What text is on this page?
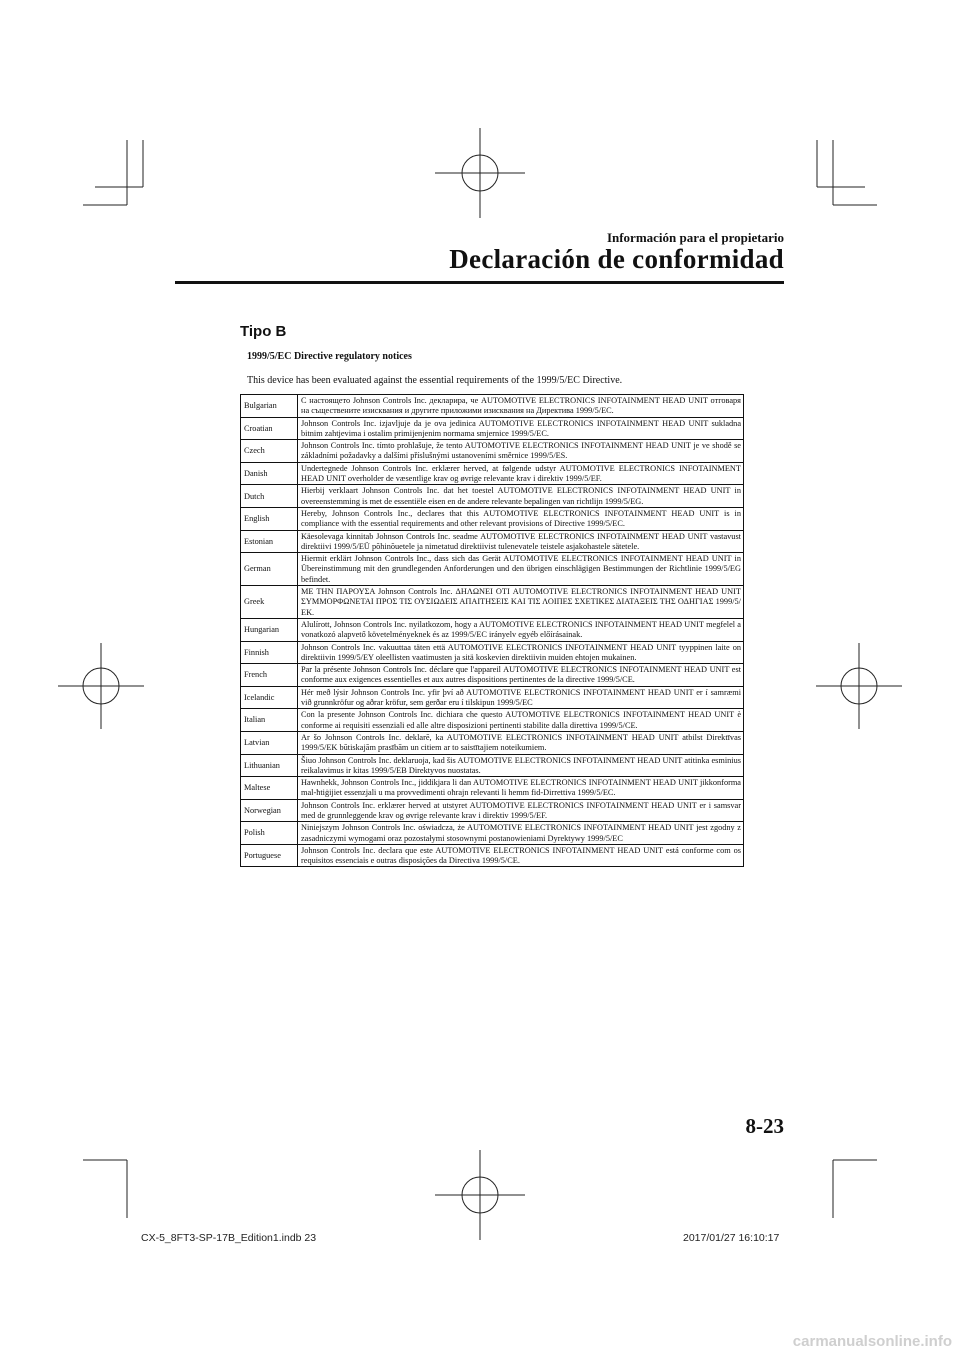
Información para el propietario
Declaración de conformidad
Tipo B
1999/5/EC Directive regulatory notices
This device has been evaluated against the essential requirements of the 1999/5/EC Directive.
Bulgarian	С настоящето Johnson Controls Inc. декларира, че AUTOMOTIVE ELECTRONICS INFOTAINMENT HEAD UNIT отговаря на съществените изисквания и другите приложими изисквания на Директива 1999/5/EC.
Croatian	Johnson Controls Inc. izjavljuje da je ova jedinica AUTOMOTIVE ELECTRONICS INFOTAINMENT HEAD UNIT sukladna bitnim zahtjevima i ostalim primijenjenim normama smjernice 1999/5/EC.
Czech	Johnson Controls Inc. tímto prohlašuje, že tento AUTOMOTIVE ELECTRONICS INFOTAINMENT HEAD UNIT je ve shodě se základními požadavky a dalšími příslušnými ustanoveními směrnice 1999/5/ES.
Danish	Undertegnede Johnson Controls Inc. erklærer herved, at følgende udstyr AUTOMOTIVE ELECTRONICS INFOTAINMENT HEAD UNIT overholder de væsentlige krav og øvrige relevante krav i direktiv 1999/5/EF.
Dutch	Hierbij verklaart Johnson Controls Inc. dat het toestel AUTOMOTIVE ELECTRONICS INFOTAINMENT HEAD UNIT in overeenstemming is met de essentiële eisen en de andere relevante bepalingen van richtlijn 1999/5/EG.
English	Hereby, Johnson Controls Inc., declares that this AUTOMOTIVE ELECTRONICS INFOTAINMENT HEAD UNIT is in compliance with the essential requirements and other relevant provisions of Directive 1999/5/EC.
Estonian	Käesolevaga kinnitab Johnson Controls Inc. seadme AUTOMOTIVE ELECTRONICS INFOTAINMENT HEAD UNIT vastavust direktiivi 1999/5/EÜ põhinõuetele ja nimetatud direktiivist tulenevatele teistele asjakohastele sätetele.
German	Hiermit erklärt Johnson Controls Inc., dass sich das Gerät AUTOMOTIVE ELECTRONICS INFOTAINMENT HEAD UNIT in Übereinstimmung mit den grundlegenden Anforderungen und den übrigen einschlägigen Bestimmungen der Richtlinie 1999/5/EG befindet.
Greek	ΜΕ ΤΗΝ ΠΑΡΟΥΣΑ Johnson Controls Inc. ΔΗΛΩΝΕΙ ΟΤΙ AUTOMOTIVE ELECTRONICS INFOTAINMENT HEAD UNIT ΣΥΜΜΟΡΦΩΝΕΤΑΙ ΠΡΟΣ ΤΙΣ ΟΥΣΙΩΔΕΙΣ ΑΠΑΙΤΗΣΕΙΣ ΚΑΙ ΤΙΣ ΛΟΙΠΕΣ ΣΧΕΤΙΚΕΣ ΔΙΑΤΑΞΕΙΣ ΤΗΣ ΟΔΗΓΙΑΣ 1999/5/ΕΚ.
Hungarian	Alulírott, Johnson Controls Inc. nyilatkozom, hogy a AUTOMOTIVE ELECTRONICS INFOTAINMENT HEAD UNIT megfelel a vonatkozó alapvető követelményeknek és az 1999/5/EC irányelv egyéb előírásainak.
Finnish	Johnson Controls Inc. vakuuttaa täten että AUTOMOTIVE ELECTRONICS INFOTAINMENT HEAD UNIT tyyppinen laite on direktiivin 1999/5/EY oleellisten vaatimusten ja sitä koskevien direktiivin muiden ehtojen mukainen.
French	Par la présente Johnson Controls Inc. déclare que l'appareil AUTOMOTIVE ELECTRONICS INFOTAINMENT HEAD UNIT est conforme aux exigences essentielles et aux autres dispositions pertinentes de la directive 1999/5/CE.
Icelandic	Hér með lýsir Johnson Controls Inc. yfir því að AUTOMOTIVE ELECTRONICS INFOTAINMENT HEAD UNIT er í samræmi við grunnkröfur og aðrar kröfur, sem gerðar eru í tilskipun 1999/5/EC
Italian	Con la presente Johnson Controls Inc. dichiara che questo AUTOMOTIVE ELECTRONICS INFOTAINMENT HEAD UNIT è conforme ai requisiti essenziali ed alle altre disposizioni pertinenti stabilite dalla direttiva 1999/5/CE.
Latvian	Ar šo Johnson Controls Inc. deklarē, ka AUTOMOTIVE ELECTRONICS INFOTAINMENT HEAD UNIT atbilst Direktīvas 1999/5/EK būtiskajām prasībām un citiem ar to saistītajiem noteikumiem.
Lithuanian	Šiuo Johnson Controls Inc. deklaruoja, kad šis AUTOMOTIVE ELECTRONICS INFOTAINMENT HEAD UNIT atitinka esminius reikalavimus ir kitas 1999/5/EB Direktyvos nuostatas.
Maltese	Hawnhekk, Johnson Controls Inc., jiddikjara li dan AUTOMOTIVE ELECTRONICS INFOTAINMENT HEAD UNIT jikkonforma mal-ħtiġijiet essenzjali u ma provvedimenti oħrajn relevanti li hemm fid-Dirrettiva 1999/5/EC.
Norwegian	Johnson Controls Inc. erklærer herved at utstyret AUTOMOTIVE ELECTRONICS INFOTAINMENT HEAD UNIT er i samsvar med de grunnleggende krav og øvrige relevante krav i direktiv 1999/5/EF.
Polish	Niniejszym Johnson Controls Inc. oświadcza, że AUTOMOTIVE ELECTRONICS INFOTAINMENT HEAD UNIT jest zgodny z zasadniczymi wymogami oraz pozostałymi stosownymi postanowieniami Dyrektywy 1999/5/EC
Portuguese	Johnson Controls Inc. declara que este AUTOMOTIVE ELECTRONICS INFOTAINMENT HEAD UNIT está conforme com os requisitos essenciais e outras disposições da Directiva 1999/5/CE.
8-23
CX-5_8FT3-SP-17B_Edition1.indb 23	2017/01/27 16:10:17
carmanualsonline.info
